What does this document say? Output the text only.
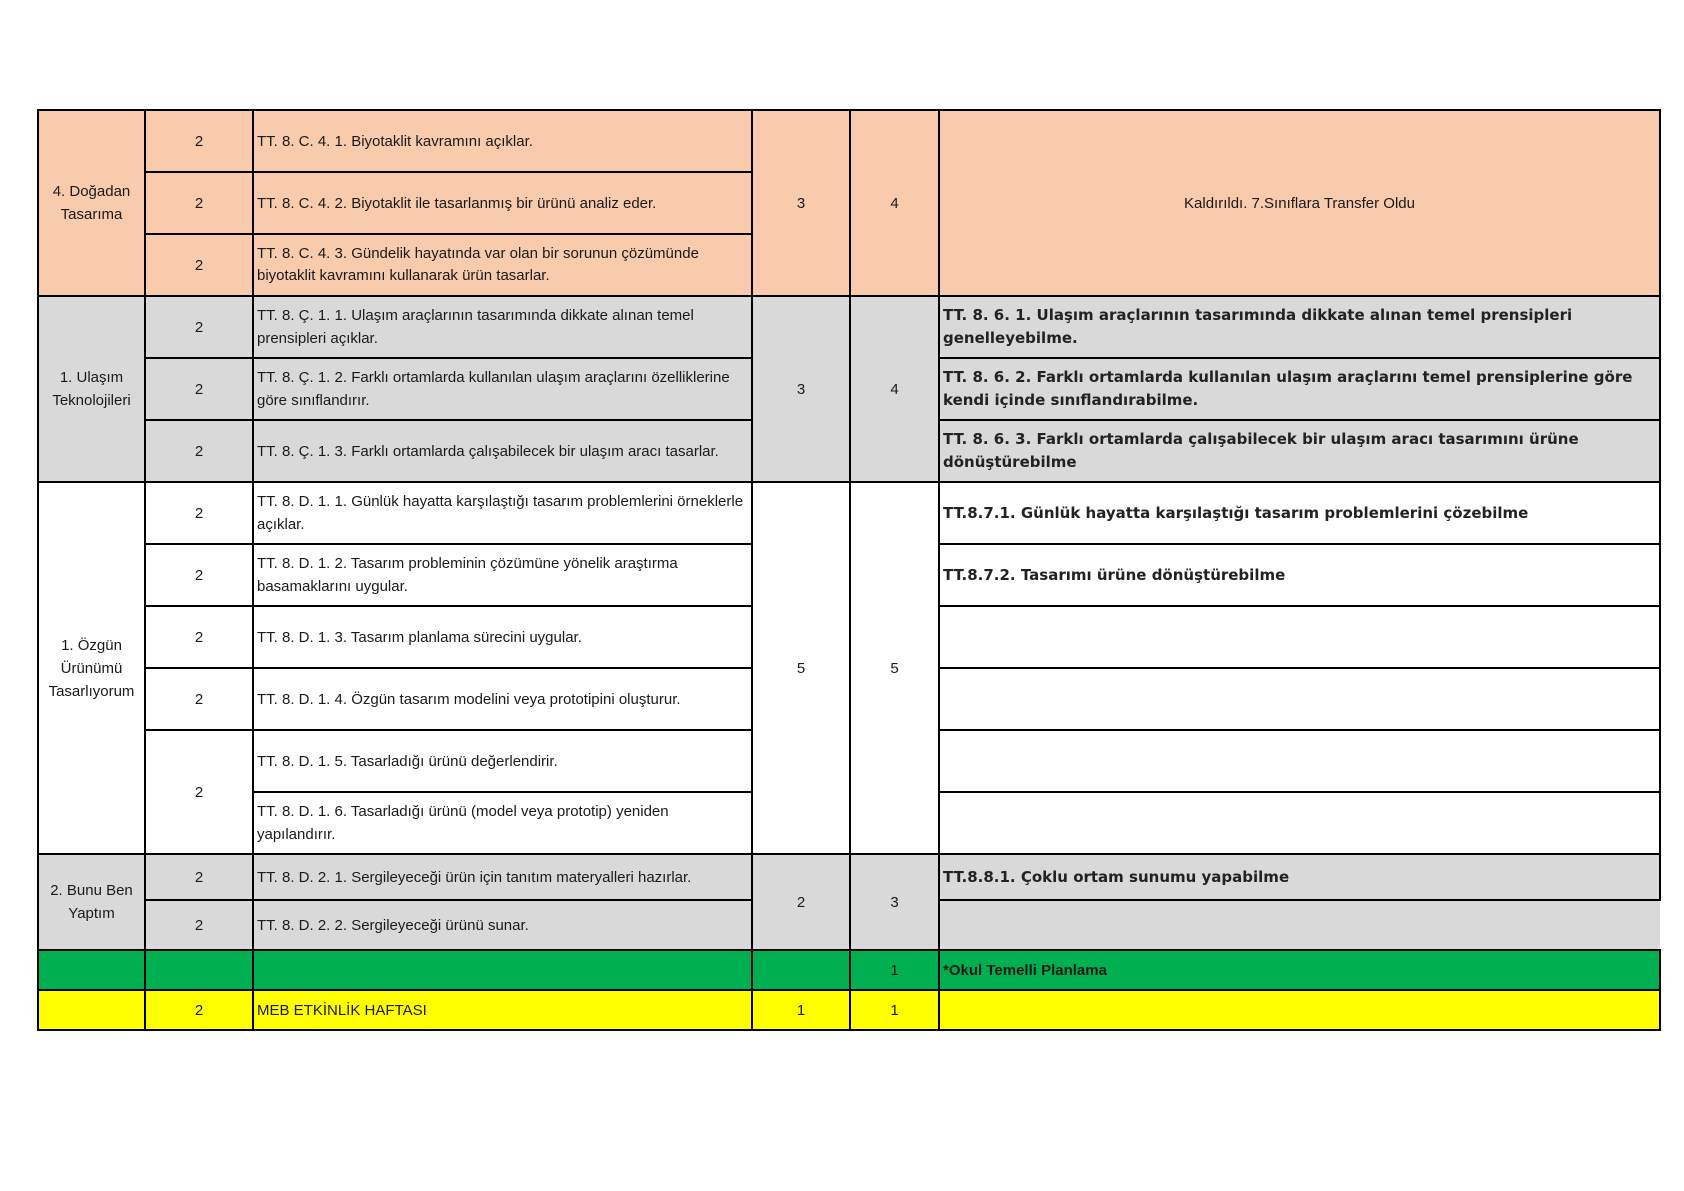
4. Doğadan Tasarıma	2	TT. 8. C. 4. 1. Biyotaklit kavramını açıklar.	3	4	Kaldırıldı. 7.Sınıflara Transfer Oldu
	2	TT. 8. C. 4. 2. Biyotaklit ile tasarlanmış bir ürünü analiz eder.			
	2	TT. 8. C. 4. 3. Gündelik hayatında var olan bir sorunun çözümünde biyotaklit kavramını kullanarak ürün tasarlar.			
1. Ulaşım Teknolojileri	2	TT. 8. Ç. 1. 1. Ulaşım araçlarının tasarımında dikkate alınan temel prensipleri açıklar.	3	4	TT. 8. 6. 1. Ulaşım araçlarının tasarımında dikkate alınan temel prensipleri genelleyebilme.
	2	TT. 8. Ç. 1. 2. Farklı ortamlarda kullanılan ulaşım araçlarını özelliklerine göre sınıflandırır.			TT. 8. 6. 2. Farklı ortamlarda kullanılan ulaşım araçlarını temel prensiplerine göre kendi içinde sınıflandırabilme.
	2	TT. 8. Ç. 1. 3. Farklı ortamlarda çalışabilecek bir ulaşım aracı tasarlar.			TT. 8. 6. 3. Farklı ortamlarda çalışabilecek bir ulaşım aracı tasarımını ürüne dönüştürebilme
1. Özgün Ürünümü Tasarlıyorum	2	TT. 8. D. 1. 1. Günlük hayatta karşılaştığı tasarım problemlerini örneklerle açıklar.	5	5	TT.8.7.1. Günlük hayatta karşılaştığı tasarım problemlerini çözebilme
	2	TT. 8. D. 1. 2. Tasarım probleminin çözümüne yönelik araştırma basamaklarını uygular.			TT.8.7.2. Tasarımı ürüne dönüştürebilme
	2	TT. 8. D. 1. 3. Tasarım planlama sürecini uygular.			
	2	TT. 8. D. 1. 4. Özgün tasarım modelini veya prototipini oluşturur.			
	2	TT. 8. D. 1. 5. Tasarladığı ürünü değerlendirir.			
		TT. 8. D. 1. 6. Tasarladığı ürünü (model veya prototip) yeniden yapılandırır.			
2. Bunu Ben Yaptım	2	TT. 8. D. 2. 1. Sergileyeceği ürün için tanıtım materyalleri hazırlar.	2	3	TT.8.8.1. Çoklu ortam sunumu yapabilme
	2	TT. 8. D. 2. 2. Sergileyeceği ürünü sunar.			
				1	*Okul Temelli Planlama
	2	MEB ETKİNLİK HAFTASI	1	1	
